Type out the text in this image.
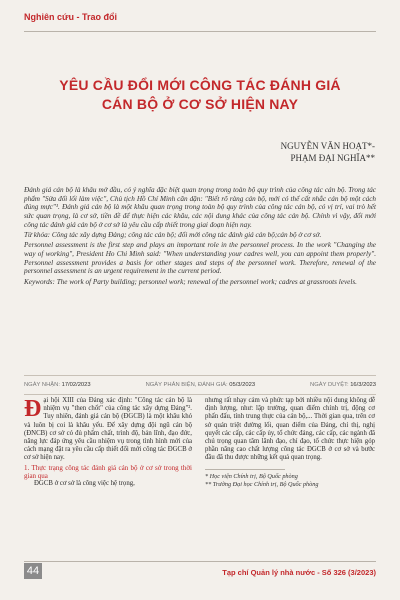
Nghiên cứu - Trao đổi
YÊU CẦU ĐỔI MỚI CÔNG TÁC ĐÁNH GIÁ
CÁN BỘ Ở CƠ SỞ HIỆN NAY
NGUYỄN VĂN HOẠT*-
PHẠM ĐẠI NGHĨA**

Đánh giá cán bộ là khâu mở đầu, có ý nghĩa đặc biệt quan trọng trong toàn bộ quy trình của công tác cán bộ. Trong tác phẩm "Sửa đổi lối làm việc", Chủ tịch Hồ Chí Minh căn dặn: "Biết rõ ràng cán bộ, mới có thể cất nhắc cán bộ một cách đúng mực"¹. Đánh giá cán bộ là một khâu quan trọng trong toàn bộ quy trình của công tác cán bộ, có vị trí, vai trò hết sức quan trọng, là cơ sở, tiền đề để thực hiện các khâu, các nội dung khác của công tác cán bộ. Chính vì vậy, đổi mới công tác đánh giá cán bộ ở cơ sở là yêu cầu cấp thiết trong giai đoạn hiện nay.

Từ khóa: Công tác xây dựng Đảng; công tác cán bộ; đổi mới công tác đánh giá cán bộ;cán bộ ở cơ sở.

Personnel assessment is the first step and plays an important role in the personnel process. In the work "Changing the way of working", President Ho Chi Minh said: "When understanding your cadres well, you can appoint them properly". Personnel assessment provides a basis for other stages and steps of the personnel work. Therefore, renewal of the personnel assessment is an urgent requirement in the current period.

Keywords: The work of Party building; personnel work; renewal of the personnel work; cadres at grassroots levels.

NGÀY NHẬN: 17/02/2023	NGÀY PHẢN BIỆN, ĐÁNH GIÁ: 05/3/2023	NGÀY DUYỆT: 16/3/2023
Đ ại hội XIII của Đảng xác định: "Công tác cán bộ là nhiệm vụ "then chốt" của công tác xây dựng Đảng"². Tuy nhiên, đánh giá cán bộ (ĐGCB) là một khâu khó và luôn bị coi là khâu yếu. Để xây dựng đội ngũ cán bộ (ĐNCB) cơ sở có đủ phẩm chất, trình độ, bản lĩnh, đạo đức, năng lực đáp ứng yêu cầu nhiệm vụ trong tình hình mới của cách mạng đặt ra yêu cầu cấp thiết đổi mới công tác ĐGCB ở cơ sở hiện nay.
1. Thực trạng công tác đánh giá cán bộ ở cơ sở trong thời gian qua
ĐGCB ở cơ sở là công việc hệ trọng,
nhưng rất nhạy cảm và phức tạp bởi nhiều nội dung không dễ định lượng, như: lập trường, quan điểm chính trị, động cơ phấn đấu, tính trung thực của cán bộ,... Thời gian qua, trên cơ sở quán triệt đường lối, quan điểm của Đảng, chỉ thị, nghị quyết các cấp, các cấp ủy, tổ chức đảng, các cấp, các ngành đã chú trọng quan tâm lãnh đạo, chỉ đạo, tổ chức thực hiện góp phần nâng cao chất lượng công tác ĐGCB ở cơ sở và bước đầu đã thu được những kết quả quan trọng.
* Học viện Chính trị, Bộ Quốc phòng
** Trường Đại học Chính trị, Bộ Quốc phòng
44	Tạp chí Quản lý nhà nước - Số 326 (3/2023)
